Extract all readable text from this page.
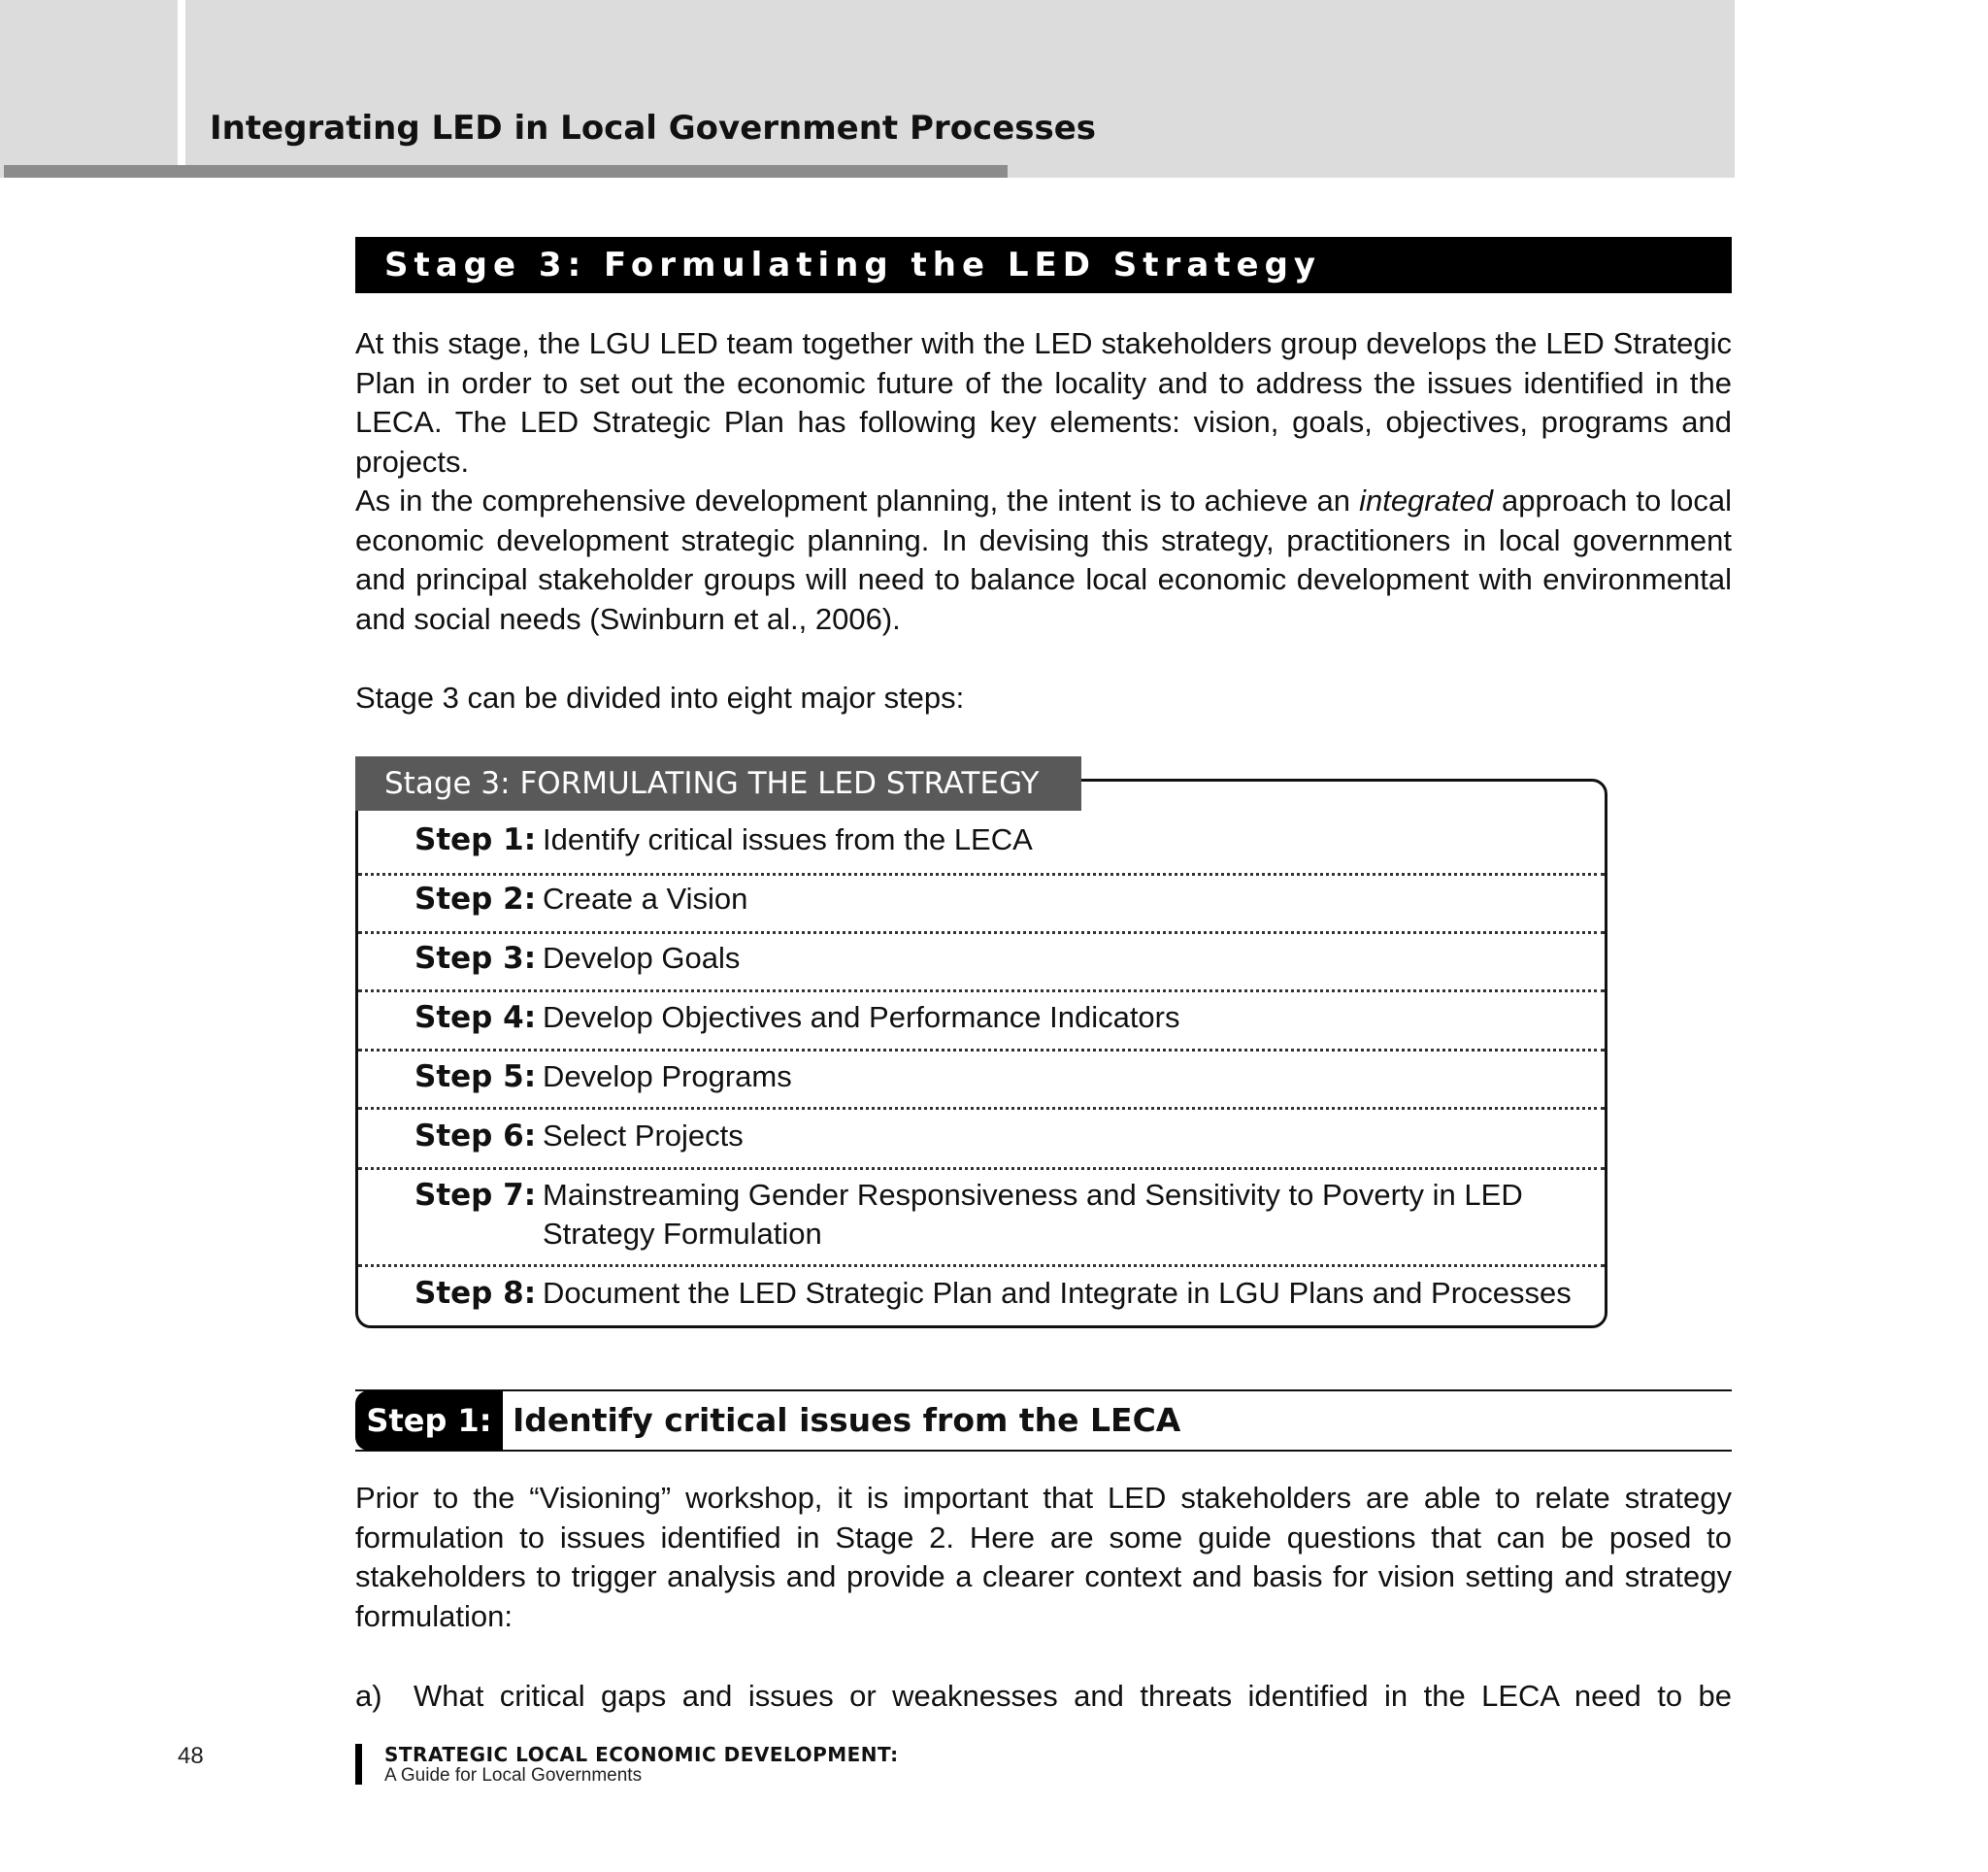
Integrating LED in Local Government Processes
Stage 3: Formulating the LED Strategy
At this stage, the LGU LED team together with the LED stakeholders group develops the LED Strategic Plan in order to set out the economic future of the locality and to address the issues identified in the LECA. The LED Strategic Plan has following key elements: vision, goals, objectives, programs and projects.
As in the comprehensive development planning, the intent is to achieve an integrated approach to local economic development strategic planning. In devising this strategy, practitioners in local government and principal stakeholder groups will need to balance local economic development with environmental and social needs (Swinburn et al., 2006).
Stage 3 can be divided into eight major steps:
Stage 3: FORMULATING THE LED STRATEGY
Step 1: Identify critical issues from the LECA
Step 2: Create a Vision
Step 3: Develop Goals
Step 4: Develop Objectives and Performance Indicators
Step 5: Develop Programs
Step 6: Select Projects
Step 7: Mainstreaming Gender Responsiveness and Sensitivity to Poverty in LED Strategy Formulation
Step 8: Document the LED Strategic Plan and Integrate in LGU Plans and Processes
Step 1: Identify critical issues from the LECA
Prior to the “Visioning” workshop, it is important that LED stakeholders are able to relate strategy formulation to issues identified in Stage 2. Here are some guide questions that can be posed to stakeholders to trigger analysis and provide a clearer context and basis for vision setting and strategy formulation:
a) What critical gaps and issues or weaknesses and threats identified in the LECA need to be
48	STRATEGIC LOCAL ECONOMIC DEVELOPMENT:
A Guide for Local Governments
